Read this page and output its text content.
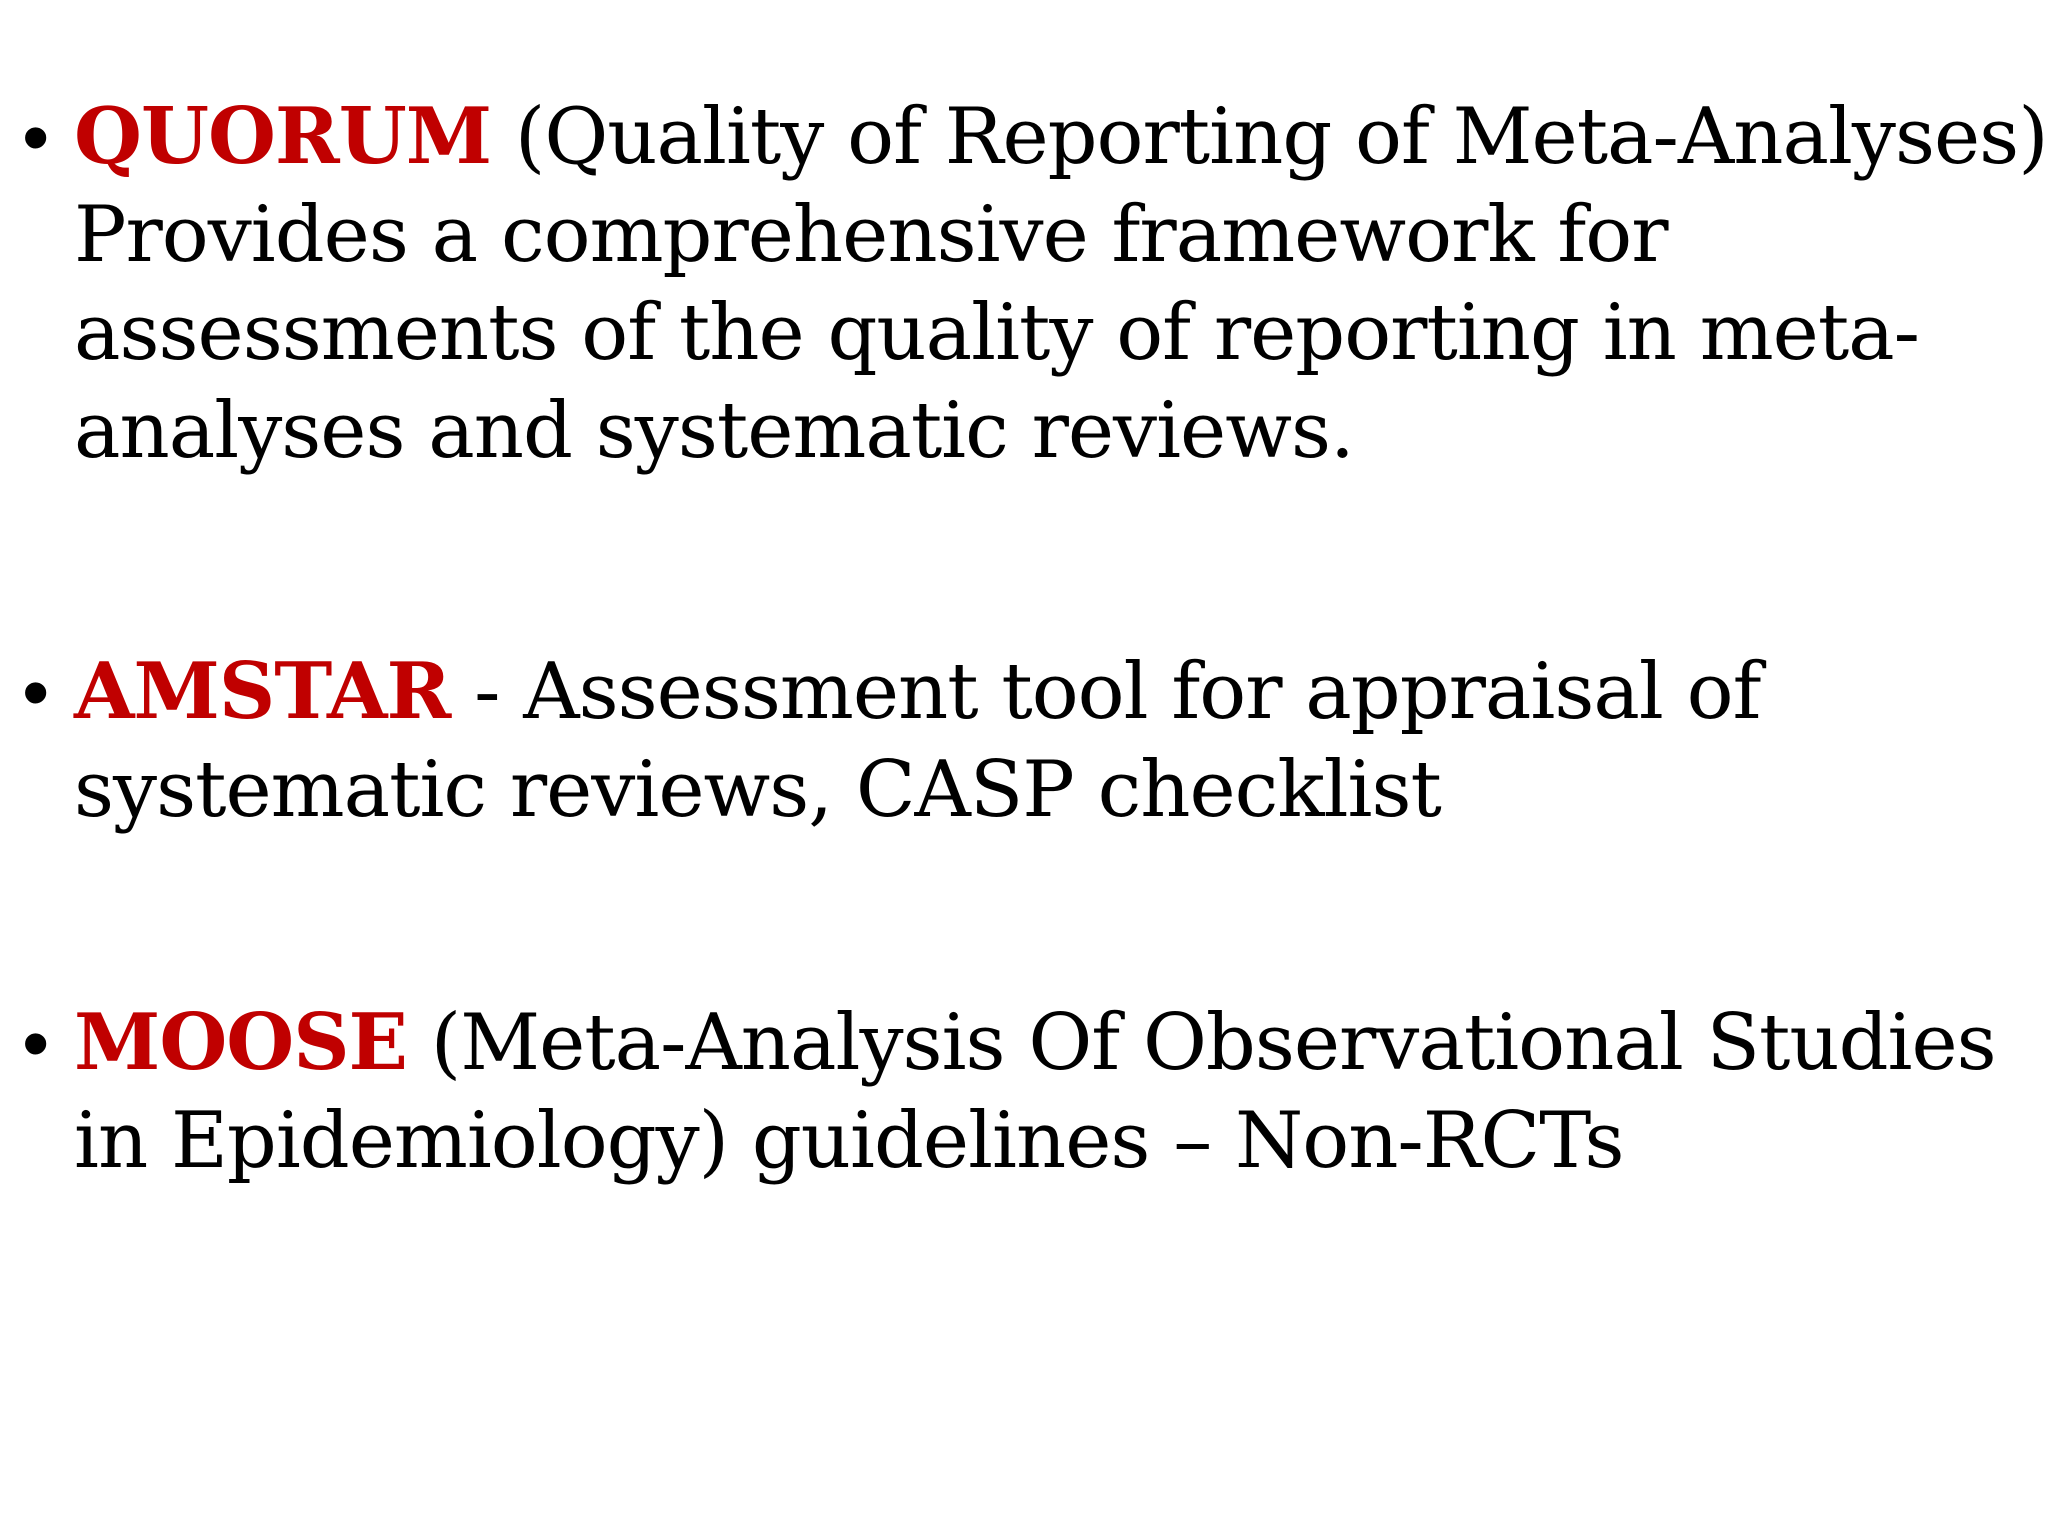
• QUORUM (Quality of Reporting of Meta-Analyses)
Provides a comprehensive framework for
assessments of the quality of reporting in meta-
analyses and systematic reviews.
• AMSTAR - Assessment tool for appraisal of
systematic reviews, CASP checklist
• MOOSE (Meta-Analysis Of Observational Studies
in Epidemiology) guidelines – Non-RCTs
